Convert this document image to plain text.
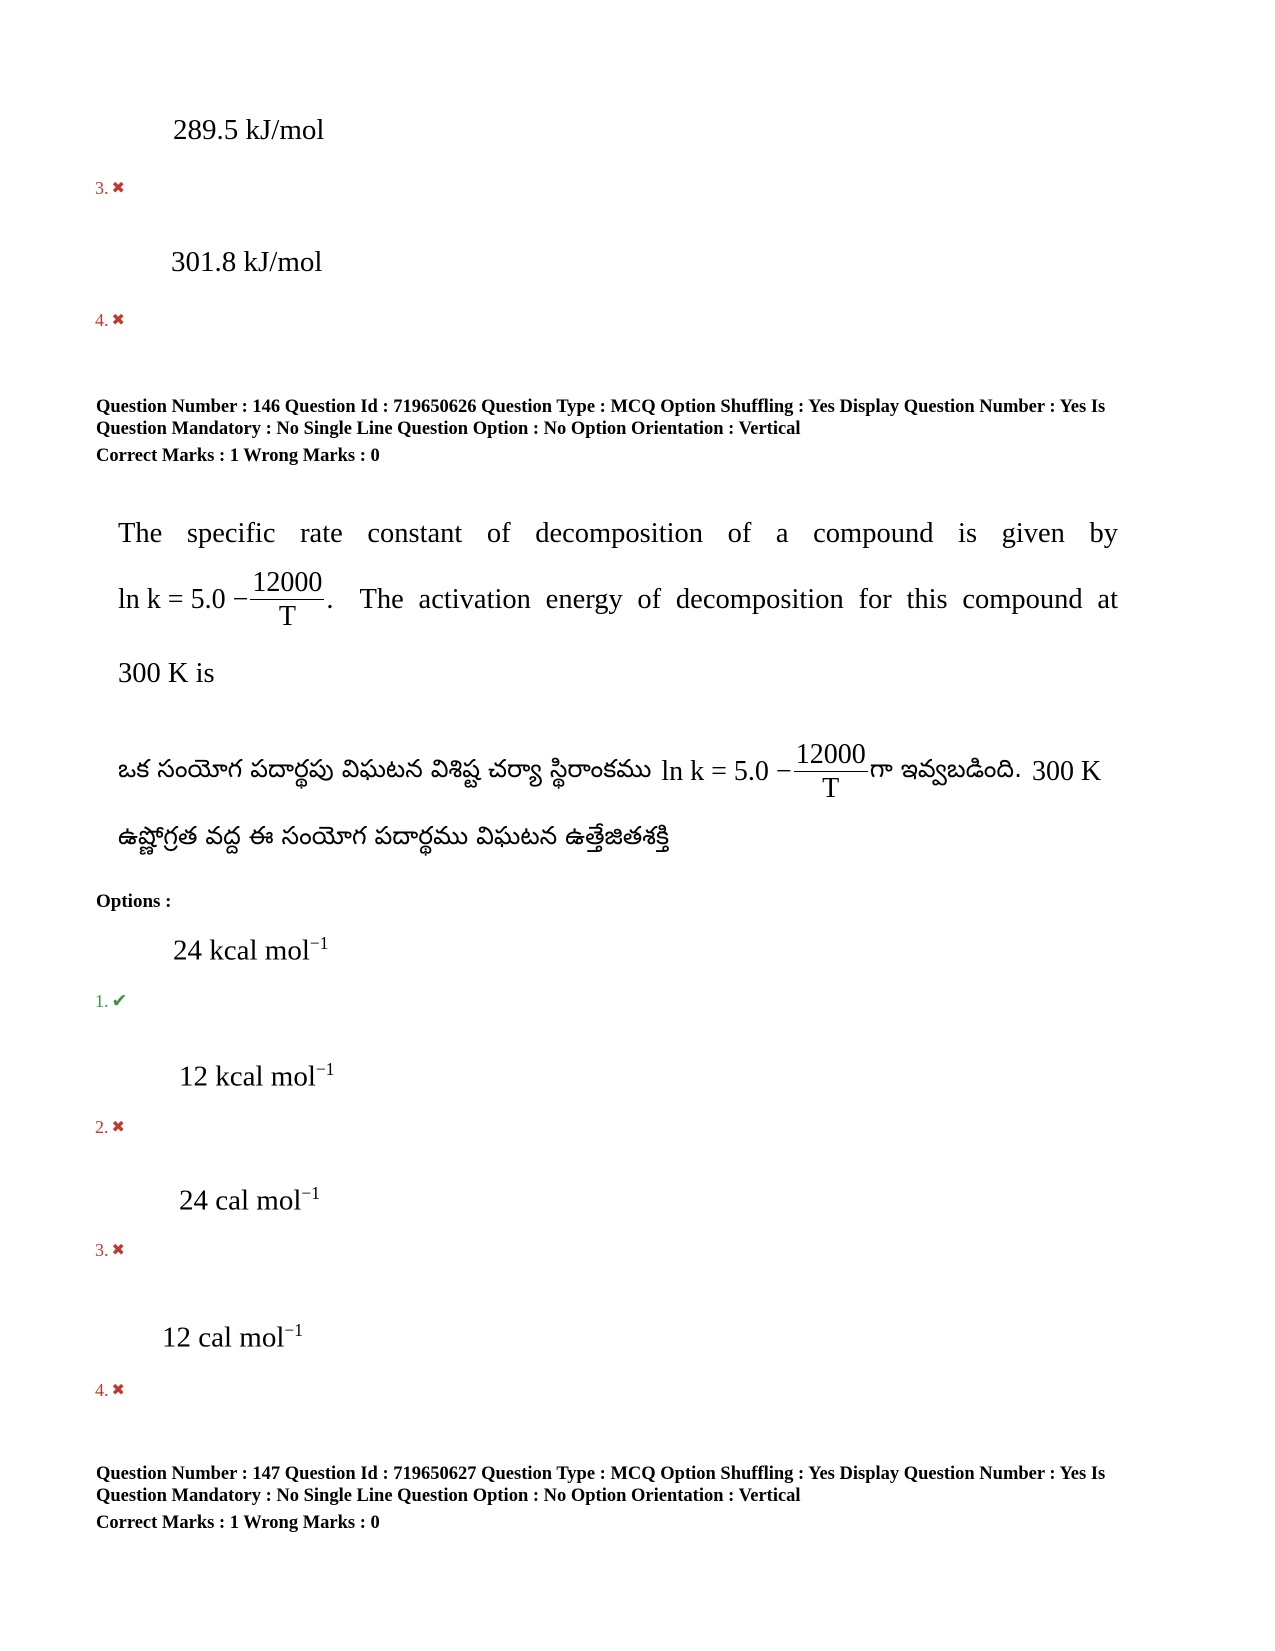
289.5 kJ/mol
3. ✖
301.8 kJ/mol
4. ✖
Question Number : 146 Question Id : 719650626 Question Type : MCQ Option Shuffling : Yes Display Question Number : Yes Is
Question Mandatory : No Single Line Question Option : No Option Orientation : Vertical
Correct Marks : 1 Wrong Marks : 0
The specific rate constant of decomposition of a compound is given by
$\ln k = 5.0 - \frac{12000}{T}$ . The activation energy of decomposition for this compound at
300 K is
ఒక సంయోగ పదార్థపు విఘటన విశిష్ట చర్యా స్థిరాంకము $\ln k = 5.0 - \frac{12000}{T}$ గా ఇవ్వబడింది. 300 K
ఉష్ణోగ్రత వద్ద ఈ సంయోగ పదార్థము విఘటన ఉత్తేజితశక్తి
Options :
24 kcal mol$^{-1}$
1. ✔
12 kcal mol$^{-1}$
2. ✖
24 cal mol$^{-1}$
3. ✖
12 cal mol$^{-1}$
4. ✖
Question Number : 147 Question Id : 719650627 Question Type : MCQ Option Shuffling : Yes Display Question Number : Yes Is
Question Mandatory : No Single Line Question Option : No Option Orientation : Vertical
Correct Marks : 1 Wrong Marks : 0
